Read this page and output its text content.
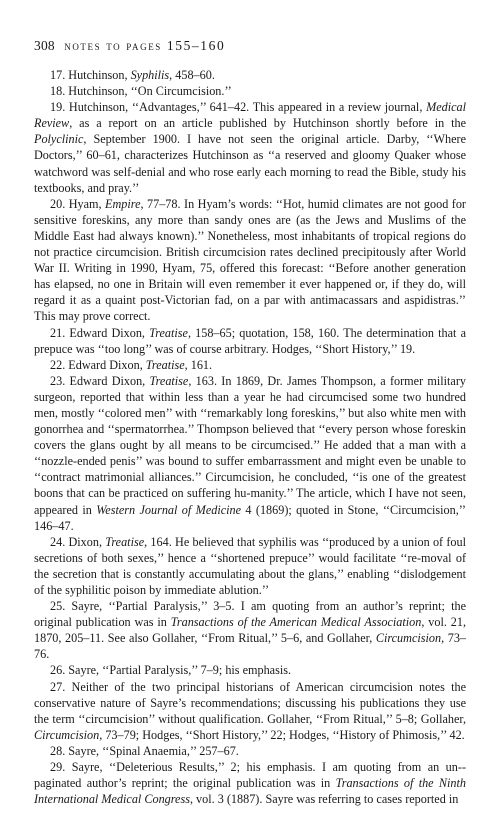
308 notes to pages 155–160

17. Hutchinson, Syphilis, 458–60.

18. Hutchinson, ‘‘On Circumcision.’’

19. Hutchinson, ‘‘Advantages,’’ 641–42. This appeared in a review journal, Medical Review, as a report on an article published by Hutchinson shortly before in the Polyclinic, September 1900. I have not seen the original article. Darby, ‘‘Where Doctors,’’ 60–61, characterizes Hutchinson as ‘‘a reserved and gloomy Quaker whose watchword was self-denial and who rose early each morning to read the Bible, study his textbooks, and pray.’’

20. Hyam, Empire, 77–78. In Hyam’s words: ‘‘Hot, humid climates are not good for sensitive foreskins, any more than sandy ones are (as the Jews and Muslims of the Middle East had always known).’’ Nonetheless, most inhabitants of tropical regions do not practice circumcision. British circumcision rates declined precipitously after World War II. Writing in 1990, Hyam, 75, offered this forecast: ‘‘Before another generation has elapsed, no one in Britain will even remember it ever happened or, if they do, will regard it as a quaint post-Victorian fad, on a par with antimacassars and aspidistras.’’ This may prove correct.

21. Edward Dixon, Treatise, 158–65; quotation, 158, 160. The determination that a prepuce was ‘‘too long’’ was of course arbitrary. Hodges, ‘‘Short History,’’ 19.

22. Edward Dixon, Treatise, 161.

23. Edward Dixon, Treatise, 163. In 1869, Dr. James Thompson, a former military surgeon, reported that within less than a year he had circumcised some two hundred men, mostly ‘‘colored men’’ with ‘‘remarkably long foreskins,’’ but also white men with gonorrhea and ‘‘spermatorrhea.’’ Thompson believed that ‘‘every person whose foreskin covers the glans ought by all means to be circumcised.’’ He added that a man with a ‘‘nozzle-ended penis’’ was bound to suffer embarrassment and might even be unable to ‘‘contract matrimonial alliances.’’ Circumcision, he concluded, ‘‘is one of the greatest boons that can be practiced on suffering hu-manity.’’ The article, which I have not seen, appeared in Western Journal of Medicine 4 (1869); quoted in Stone, ‘‘Circumcision,’’ 146–47.

24. Dixon, Treatise, 164. He believed that syphilis was ‘‘produced by a union of foul secretions of both sexes,’’ hence a ‘‘shortened prepuce’’ would facilitate ‘‘re-moval of the secretion that is constantly accumulating about the glans,’’ enabling ‘‘dislodgement of the syphilitic poison by immediate ablution.’’

25. Sayre, ‘‘Partial Paralysis,’’ 3–5. I am quoting from an author’s reprint; the original publication was in Transactions of the American Medical Association, vol. 21, 1870, 205–11. See also Gollaher, ‘‘From Ritual,’’ 5–6, and Gollaher, Circumcision, 73–76.

26. Sayre, ‘‘Partial Paralysis,’’ 7–9; his emphasis.

27. Neither of the two principal historians of American circumcision notes the conservative nature of Sayre’s recommendations; discussing his publications they use the term ‘‘circumcision’’ without qualification. Gollaher, ‘‘From Ritual,’’ 5–8; Gollaher, Circumcision, 73–79; Hodges, ‘‘Short History,’’ 22; Hodges, ‘‘History of Phimosis,’’ 42.

28. Sayre, ‘‘Spinal Anaemia,’’ 257–67.

29. Sayre, ‘‘Deleterious Results,’’ 2; his emphasis. I am quoting from an un-paginated author’s reprint; the original publication was in Transactions of the Ninth International Medical Congress, vol. 3 (1887). Sayre was referring to cases reported in
